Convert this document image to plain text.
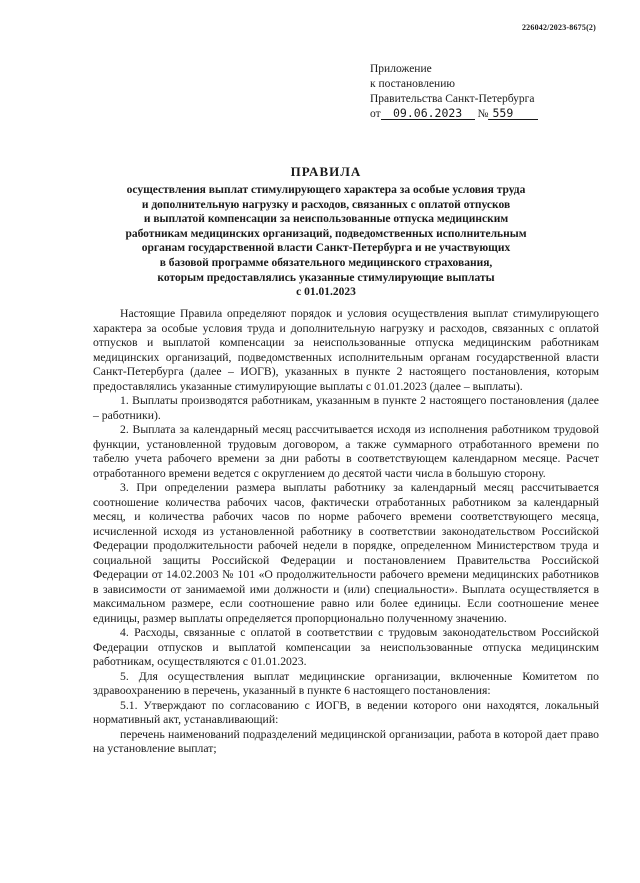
226042/2023-8675(2)
Приложение
к постановлению
Правительства Санкт-Петербурга
от 09.06.2023 № 559
ПРАВИЛА
осуществления выплат стимулирующего характера за особые условия труда
и дополнительную нагрузку и расходов, связанных с оплатой отпусков
и выплатой компенсации за неиспользованные отпуска медицинским
работникам медицинских организаций, подведомственных исполнительным
органам государственной власти Санкт-Петербурга и не участвующих
в базовой программе обязательного медицинского страхования,
которым предоставлялись указанные стимулирующие выплаты
с 01.01.2023

Настоящие Правила определяют порядок и условия осуществления выплат стимулирующего характера за особые условия труда и дополнительную нагрузку и расходов, связанных с оплатой отпусков и выплатой компенсации за неиспользованные отпуска медицинским работникам медицинских организаций, подведомственных исполнительным органам государственной власти Санкт-Петербурга (далее – ИОГВ), указанных в пункте 2 настоящего постановления, которым предоставлялись указанные стимулирующие выплаты с 01.01.2023 (далее – выплаты).

1. Выплаты производятся работникам, указанным в пункте 2 настоящего постановления (далее – работники).

2. Выплата за календарный месяц рассчитывается исходя из исполнения работником трудовой функции, установленной трудовым договором, а также суммарного отработанного времени по табелю учета рабочего времени за дни работы в соответствующем календарном месяце. Расчет отработанного времени ведется с округлением до десятой части числа в большую сторону.

3. При определении размера выплаты работнику за календарный месяц рассчитывается соотношение количества рабочих часов, фактически отработанных работником за календарный месяц, и количества рабочих часов по норме рабочего времени соответствующего месяца, исчисленной исходя из установленной работнику в соответствии законодательством Российской Федерации продолжительности рабочей недели в порядке, определенном Министерством труда и социальной защиты Российской Федерации и постановлением Правительства Российской Федерации от 14.02.2003 № 101 «О продолжительности рабочего времени медицинских работников в зависимости от занимаемой ими должности и (или) специальности». Выплата осуществляется в максимальном размере, если соотношение равно или более единицы. Если соотношение менее единицы, размер выплаты определяется пропорционально полученному значению.

4. Расходы, связанные с оплатой в соответствии с трудовым законодательством Российской Федерации отпусков и выплатой компенсации за неиспользованные отпуска медицинским работникам, осуществляются с 01.01.2023.

5. Для осуществления выплат медицинские организации, включенные Комитетом по здравоохранению в перечень, указанный в пункте 6 настоящего постановления:

5.1. Утверждают по согласованию с ИОГВ, в ведении которого они находятся, локальный нормативный акт, устанавливающий:

перечень наименований подразделений медицинской организации, работа в которой дает право на установление выплат;
